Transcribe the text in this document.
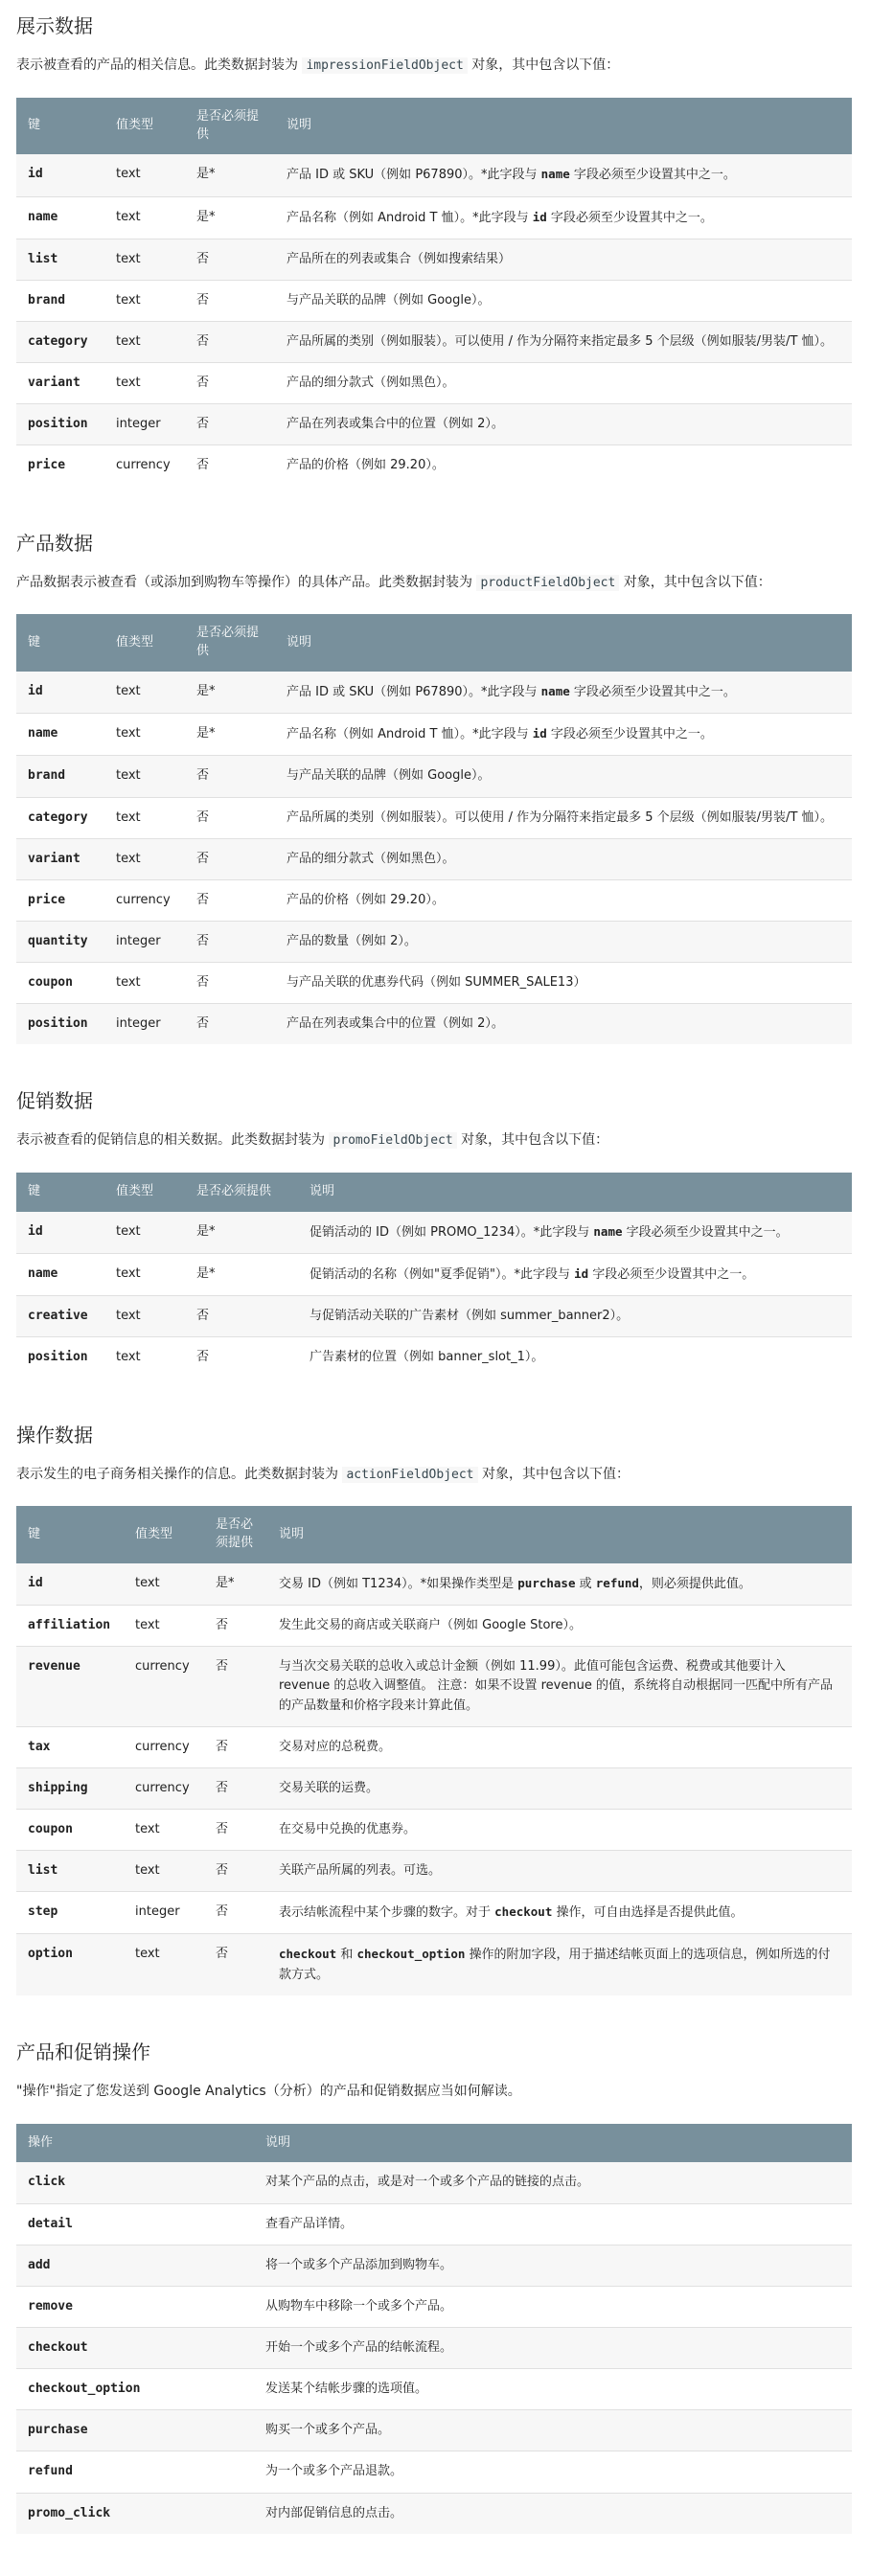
展示数据

表示被查看的产品的相关信息。此类数据封装为 impressionFieldObject 对象，其中包含以下值：

键	值类型	是否必须提供	说明
id	text	是*	产品 ID 或 SKU（例如 P67890）。*此字段与 name 字段必须至少设置其中之一。
name	text	是*	产品名称（例如 Android T 恤）。*此字段与 id 字段必须至少设置其中之一。
list	text	否	产品所在的列表或集合（例如搜索结果）
brand	text	否	与产品关联的品牌（例如 Google）。
category	text	否	产品所属的类别（例如服装）。可以使用 / 作为分隔符来指定最多 5 个层级（例如服装/男装/T 恤）。
variant	text	否	产品的细分款式（例如黑色）。
position	integer	否	产品在列表或集合中的位置（例如 2）。
price	currency	否	产品的价格（例如 29.20）。
产品数据

产品数据表示被查看（或添加到购物车等操作）的具体产品。此类数据封装为 productFieldObject 对象，其中包含以下值：

键	值类型	是否必须提供	说明
id	text	是*	产品 ID 或 SKU（例如 P67890）。*此字段与 name 字段必须至少设置其中之一。
name	text	是*	产品名称（例如 Android T 恤）。*此字段与 id 字段必须至少设置其中之一。
brand	text	否	与产品关联的品牌（例如 Google）。
category	text	否	产品所属的类别（例如服装）。可以使用 / 作为分隔符来指定最多 5 个层级（例如服装/男装/T 恤）。
variant	text	否	产品的细分款式（例如黑色）。
price	currency	否	产品的价格（例如 29.20）。
quantity	integer	否	产品的数量（例如 2）。
coupon	text	否	与产品关联的优惠券代码（例如 SUMMER_SALE13）
position	integer	否	产品在列表或集合中的位置（例如 2）。
促销数据

表示被查看的促销信息的相关数据。此类数据封装为 promoFieldObject 对象，其中包含以下值：

键	值类型	是否必须提供	说明
id	text	是*	促销活动的 ID（例如 PROMO_1234）。*此字段与 name 字段必须至少设置其中之一。
name	text	是*	促销活动的名称（例如"夏季促销"）。*此字段与 id 字段必须至少设置其中之一。
creative	text	否	与促销活动关联的广告素材（例如 summer_banner2）。
position	text	否	广告素材的位置（例如 banner_slot_1）。
操作数据

表示发生的电子商务相关操作的信息。此类数据封装为 actionFieldObject 对象，其中包含以下值：

键	值类型	是否必须提供	说明
id	text	是*	交易 ID（例如 T1234）。*如果操作类型是 purchase 或 refund，则必须提供此值。
affiliation	text	否	发生此交易的商店或关联商户（例如 Google Store）。
revenue	currency	否	与当次交易关联的总收入或总计金额（例如 11.99）。此值可能包含运费、税费或其他要计入 revenue 的总收入调整值。 注意：如果不设置 revenue 的值，系统将自动根据同一匹配中所有产品的产品数量和价格字段来计算此值。
tax	currency	否	交易对应的总税费。
shipping	currency	否	交易关联的运费。
coupon	text	否	在交易中兑换的优惠券。
list	text	否	关联产品所属的列表。可选。
step	integer	否	表示结帐流程中某个步骤的数字。对于 checkout 操作，可自由选择是否提供此值。
option	text	否	checkout 和 checkout_option 操作的附加字段，用于描述结帐页面上的选项信息，例如所选的付款方式。
产品和促销操作

"操作"指定了您发送到 Google Analytics（分析）的产品和促销数据应当如何解读。

操作	说明
click	对某个产品的点击，或是对一个或多个产品的链接的点击。
detail	查看产品详情。
add	将一个或多个产品添加到购物车。
remove	从购物车中移除一个或多个产品。
checkout	开始一个或多个产品的结帐流程。
checkout_option	发送某个结帐步骤的选项值。
purchase	购买一个或多个产品。
refund	为一个或多个产品退款。
promo_click	对内部促销信息的点击。
